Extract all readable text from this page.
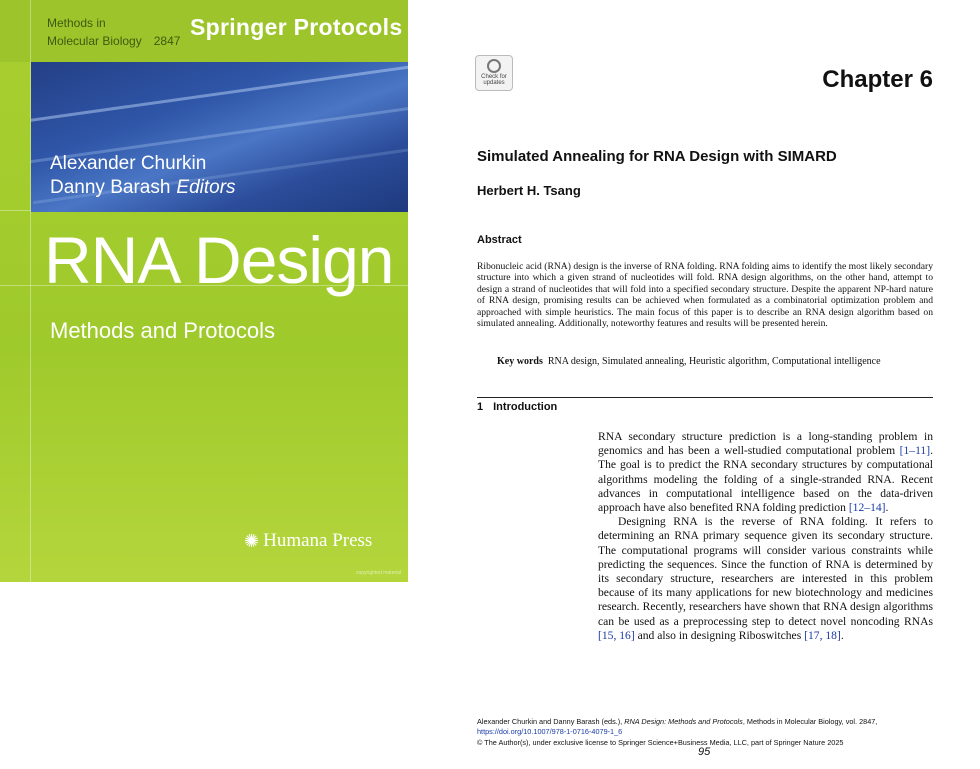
Methods in
Molecular Biology 2847
Springer Protocols
Alexander Churkin
Danny Barash Editors
RNA Design
Methods and Protocols
✺ Humana Press
copyrighted material
Check for updates	Chapter 6
Simulated Annealing for RNA Design with SIMARD
Herbert H. Tsang
Abstract
Ribonucleic acid (RNA) design is the inverse of RNA folding. RNA folding aims to identify the most likely secondary structure into which a given strand of nucleotides will fold. RNA design algorithms, on the other hand, attempt to design a strand of nucleotides that will fold into a specified secondary structure. Despite the apparent NP-hard nature of RNA design, promising results can be achieved when formulated as a combinatorial optimization problem and approached with simple heuristics. The main focus of this paper is to describe an RNA design algorithm based on simulated annealing. Additionally, noteworthy features and results will be presented herein.
Key words RNA design, Simulated annealing, Heuristic algorithm, Computational intelligence
1 Introduction

RNA secondary structure prediction is a long-standing problem in genomics and has been a well-studied computational problem [1–11]. The goal is to predict the RNA secondary structures by computational algorithms modeling the folding of a single-stranded RNA. Recent advances in computational intelligence based on the data-driven approach have also benefited RNA folding prediction [12–14].

Designing RNA is the reverse of RNA folding. It refers to determining an RNA primary sequence given its secondary structure. The computational programs will consider various constraints while predicting the sequences. Since the function of RNA is determined by its secondary structure, researchers are interested in this problem because of its many applications for new biotechnology and medicines research. Recently, researchers have shown that RNA design algorithms can be used as a preprocessing step to detect novel noncoding RNAs [15, 16] and also in designing Riboswitches [17, 18].

Alexander Churkin and Danny Barash (eds.), RNA Design: Methods and Protocols, Methods in Molecular Biology, vol. 2847,
https://doi.org/10.1007/978-1-0716-4079-1_6
© The Author(s), under exclusive license to Springer Science+Business Media, LLC, part of Springer Nature 2025
95
